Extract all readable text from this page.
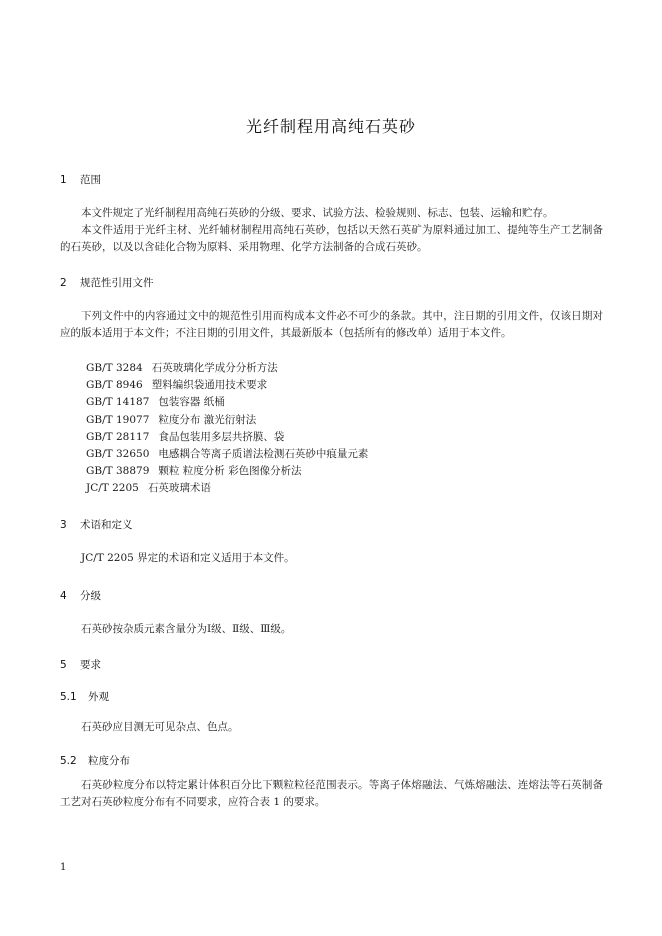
光纤制程用高纯石英砂
1 范围
本文件规定了光纤制程用高纯石英砂的分级、要求、试验方法、检验规则、标志、包装、运输和贮存。
本文件适用于光纤主材、光纤辅材制程用高纯石英砂，包括以天然石英矿为原料通过加工、提纯等生产工艺制备的石英砂，以及以含硅化合物为原料、采用物理、化学方法制备的合成石英砂。
2 规范性引用文件
下列文件中的内容通过文中的规范性引用而构成本文件必不可少的条款。其中，注日期的引用文件，仅该日期对应的版本适用于本文件；不注日期的引用文件，其最新版本（包括所有的修改单）适用于本文件。
GB/T 3284 石英玻璃化学成分分析方法
GB/T 8946 塑料编织袋通用技术要求
GB/T 14187 包装容器 纸桶
GB/T 19077 粒度分布 激光衍射法
GB/T 28117 食品包装用多层共挤膜、袋
GB/T 32650 电感耦合等离子质谱法检测石英砂中痕量元素
GB/T 38879 颗粒 粒度分析 彩色图像分析法
JC/T 2205 石英玻璃术语
3 术语和定义
JC/T 2205 界定的术语和定义适用于本文件。
4 分级
石英砂按杂质元素含量分为Ⅰ级、Ⅱ级、Ⅲ级。
5 要求
5.1 外观
石英砂应目测无可见杂点、色点。
5.2 粒度分布
石英砂粒度分布以特定累计体积百分比下颗粒粒径范围表示。等离子体熔融法、气炼熔融法、连熔法等石英制备工艺对石英砂粒度分布有不同要求，应符合表 1 的要求。
1
